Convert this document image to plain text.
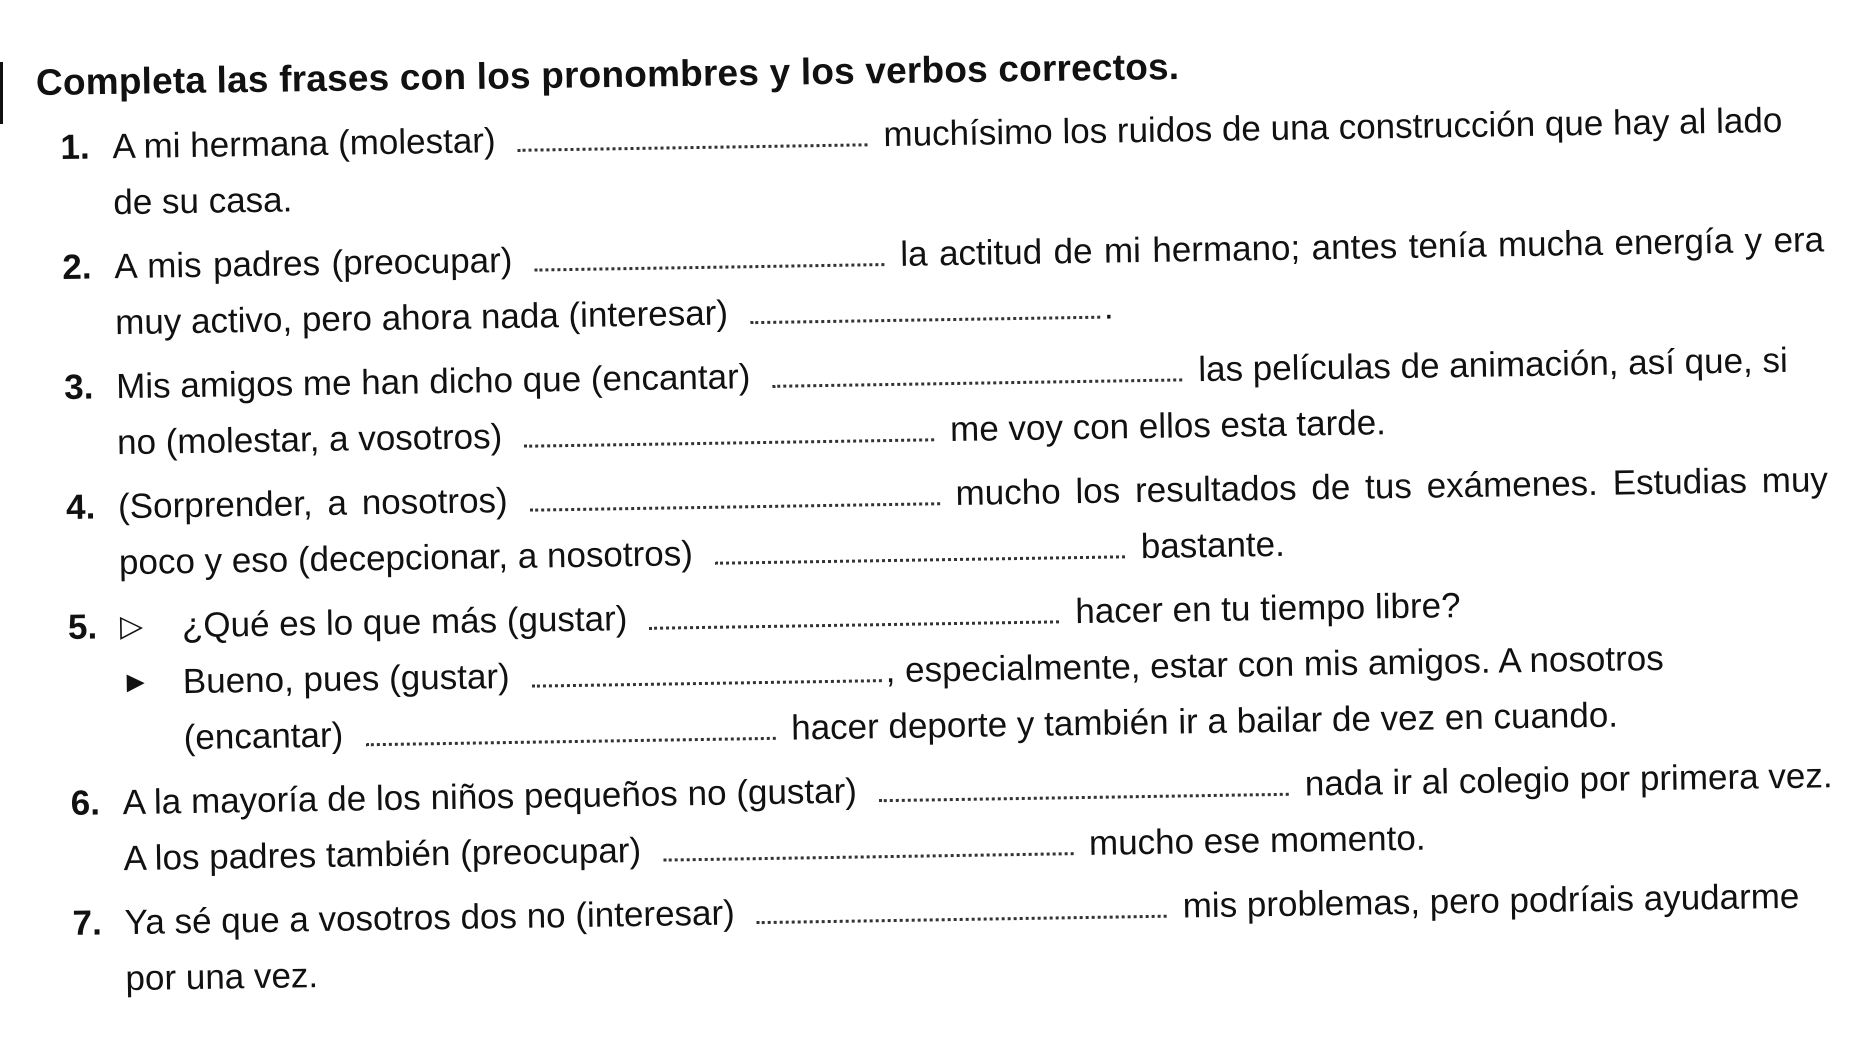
Completa las frases con los pronombres y los verbos correctos.
1. A mi hermana (molestar)	muchísimo los ruidos de una construcción que hay al lado de su casa.
2. A mis padres (preocupar)	la actitud de mi hermano; antes tenía mucha energía y era muy activo, pero ahora nada (interesar)	.
3. Mis amigos me han dicho que (encantar)	las películas de animación, así que, si no (molestar, a vosotros)	me voy con ellos esta tarde.
4. (Sorprender, a nosotros)	mucho los resultados de tus exámenes. Estudias muy poco y eso (decepcionar, a nosotros)	bastante.
5. ▷	¿Qué es lo que más (gustar)	hacer en tu tiempo libre?
► Bueno, pues (gustar)	, especialmente, estar con mis amigos. A nosotros (encantar)	hacer deporte y también ir a bailar de vez en cuando.
6. A la mayoría de los niños pequeños no (gustar)	nada ir al colegio por primera vez. A los padres también (preocupar)	mucho ese momento.
7. Ya sé que a vosotros dos no (interesar)	mis problemas, pero podríais ayudarme por una vez.
